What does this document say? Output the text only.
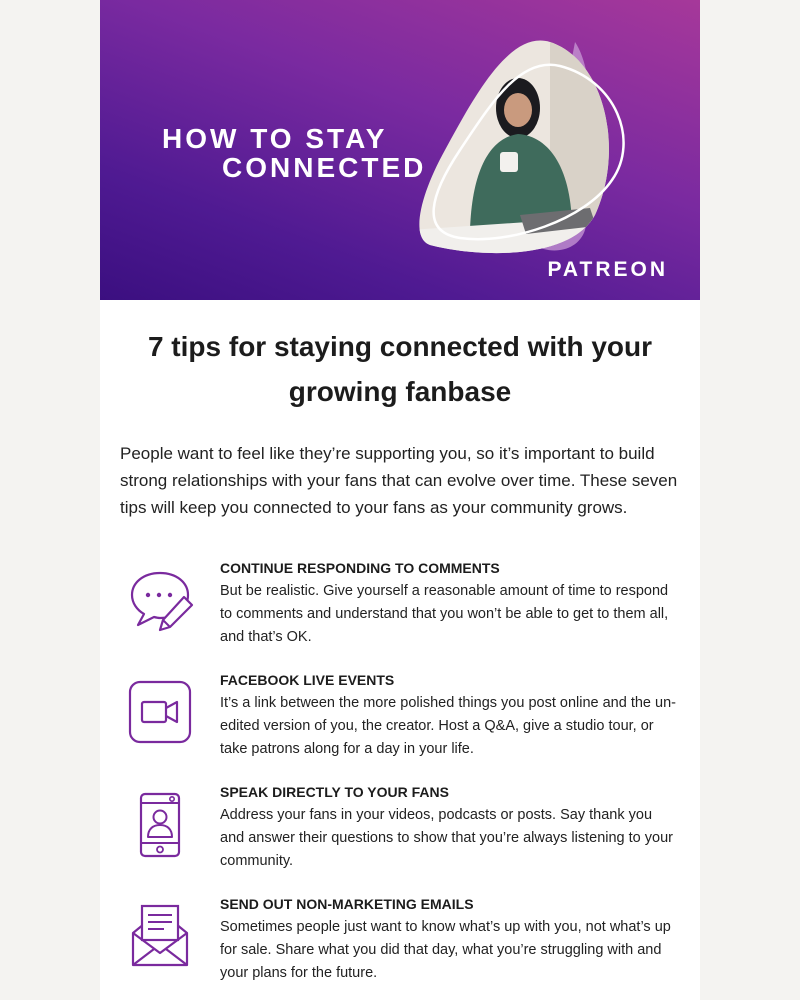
HOW TO STAY
CONNECTED
PATREON
7 tips for staying connected with your growing fanbase

People want to feel like they’re supporting you, so it’s important to build strong relationships with your fans that can evolve over time. These seven tips will keep you connected to your fans as your community grows.

CONTINUE RESPONDING TO COMMENTS
But be realistic. Give yourself a reasonable amount of time to respond to comments and understand that you won’t be able to get to them all, and that’s OK.
FACEBOOK LIVE EVENTS
It’s a link between the more polished things you post online and the un-edited version of you, the creator. Host a Q&A, give a studio tour, or take patrons along for a day in your life.
SPEAK DIRECTLY TO YOUR FANS
Address your fans in your videos, podcasts or posts. Say thank you and answer their questions to show that you’re always listening to your community.
SEND OUT NON-MARKETING EMAILS
Sometimes people just want to know what’s up with you, not what’s up for sale. Share what you did that day, what you’re struggling with and your plans for the future.
